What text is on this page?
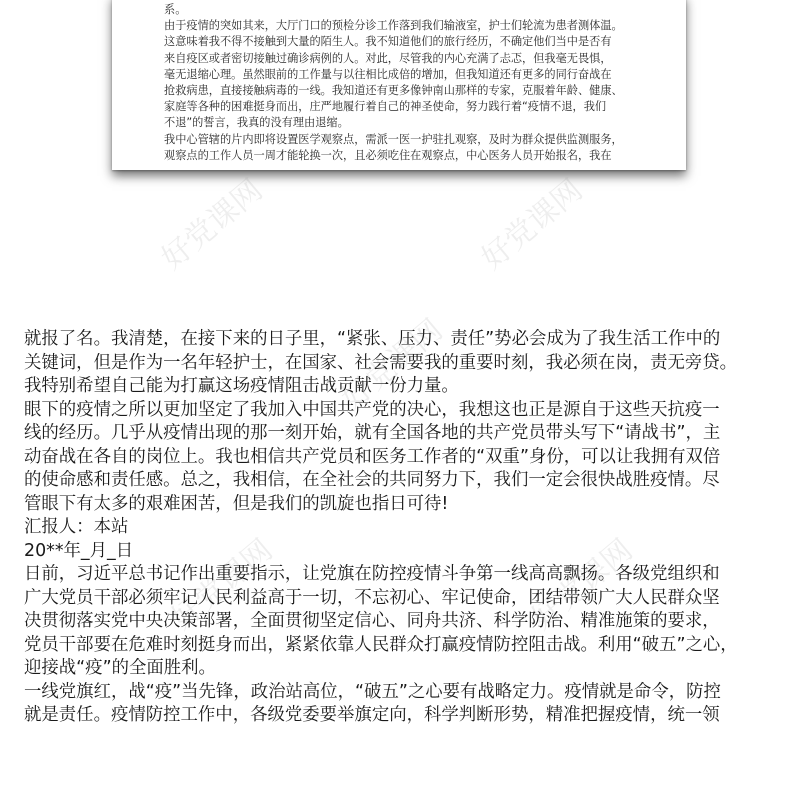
系。
由于疫情的突如其来，大厅门口的预检分诊工作落到我们输液室，护士们轮流为患者测体温。
这意味着我不得不接触到大量的陌生人。我不知道他们的旅行经历，不确定他们当中是否有
来自疫区或者密切接触过确诊病例的人。对此，尽管我的内心充满了忐忑，但我毫无畏惧，
毫无退缩心理。虽然眼前的工作量与以往相比成倍的增加，但我知道还有更多的同行奋战在
抢救病患，直接接触病毒的一线。我知道还有更多像钟南山那样的专家，克服着年龄、健康、
家庭等各种的困难挺身而出，庄严地履行着自己的神圣使命，努力践行着“疫情不退，我们
不退”的誓言，我真的没有理由退缩。
我中心管辖的片内即将设置医学观察点，需派一医一护驻扎观察，及时为群众提供监测服务，
观察点的工作人员一周才能轮换一次，且必须吃住在观察点，中心医务人员开始报名，我在
好党课网	好党课网
好党课网
好党课网	好党课网
就报了名。我清楚，在接下来的日子里，“紧张、压力、责任”势必会成为了我生活工作中的
关键词，但是作为一名年轻护士，在国家、社会需要我的重要时刻，我必须在岗，责无旁贷。
我特别希望自己能为打赢这场疫情阻击战贡献一份力量。
眼下的疫情之所以更加坚定了我加入中国共产党的决心，我想这也正是源自于这些天抗疫一
线的经历。几乎从疫情出现的那一刻开始，就有全国各地的共产党员带头写下“请战书”，主
动奋战在各自的岗位上。我也相信共产党员和医务工作者的“双重”身份，可以让我拥有双倍
的使命感和责任感。总之，我相信，在全社会的共同努力下，我们一定会很快战胜疫情。尽
管眼下有太多的艰难困苦，但是我们的凯旋也指日可待!
汇报人：本站
20**年_月_日
日前，习近平总书记作出重要指示，让党旗在防控疫情斗争第一线高高飘扬。各级党组织和
广大党员干部必须牢记人民利益高于一切，不忘初心、牢记使命，团结带领广大人民群众坚
决贯彻落实党中央决策部署，全面贯彻坚定信心、同舟共济、科学防治、精准施策的要求，
党员干部要在危难时刻挺身而出，紧紧依靠人民群众打赢疫情防控阻击战。利用“破五”之心，
迎接战“疫”的全面胜利。
一线党旗红，战“疫”当先锋，政治站高位，“破五”之心要有战略定力。疫情就是命令，防控
就是责任。疫情防控工作中，各级党委要举旗定向，科学判断形势，精准把握疫情，统一领
